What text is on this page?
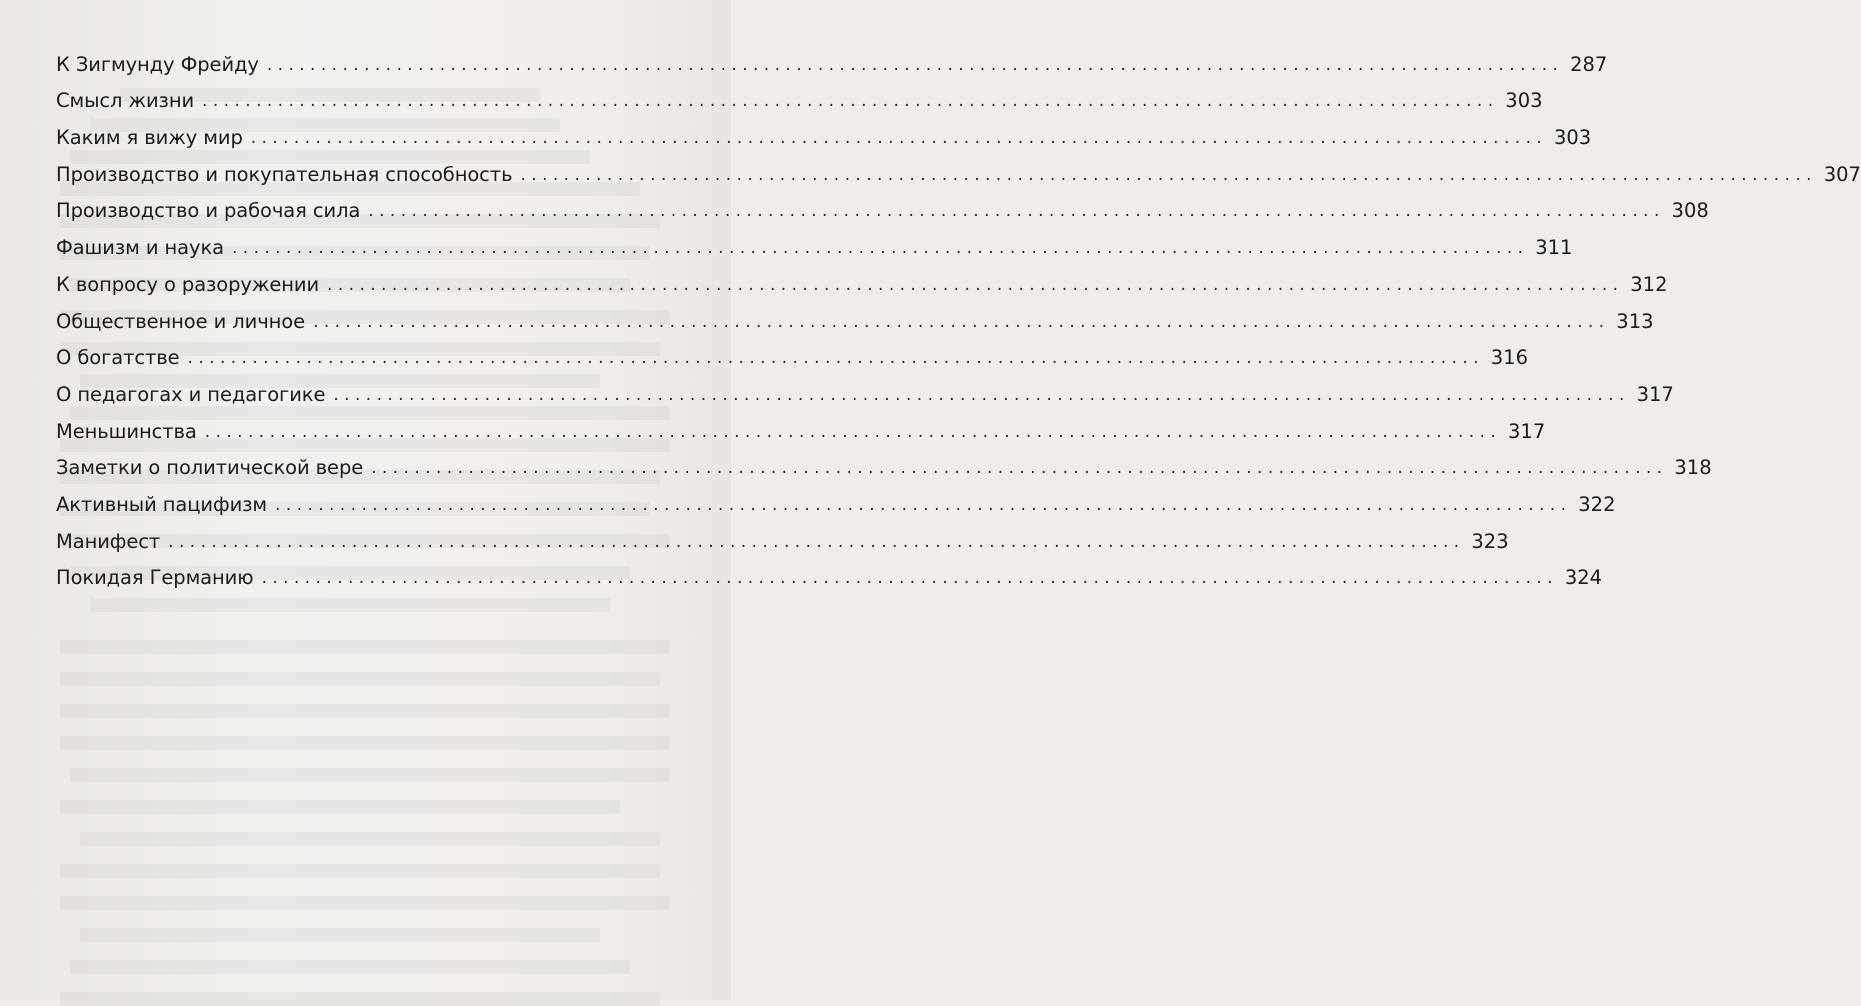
К Зигмунду Фрейду ........................................................................................................................ 287
Смысл жизни ........................................................................................................................ 303
Каким я вижу мир ........................................................................................................................ 303
Производство и покупательная способность ........................................................................................................................ 307
Производство и рабочая сила ........................................................................................................................ 308
Фашизм и наука ........................................................................................................................ 311
К вопросу о разоружении ........................................................................................................................ 312
Общественное и личное ........................................................................................................................ 313
О богатстве ........................................................................................................................ 316
О педагогах и педагогике ........................................................................................................................ 317
Меньшинства ........................................................................................................................ 317
Заметки о политической вере ........................................................................................................................ 318
Активный пацифизм ........................................................................................................................ 322
Манифест ........................................................................................................................ 323
Покидая Германию ........................................................................................................................ 324
